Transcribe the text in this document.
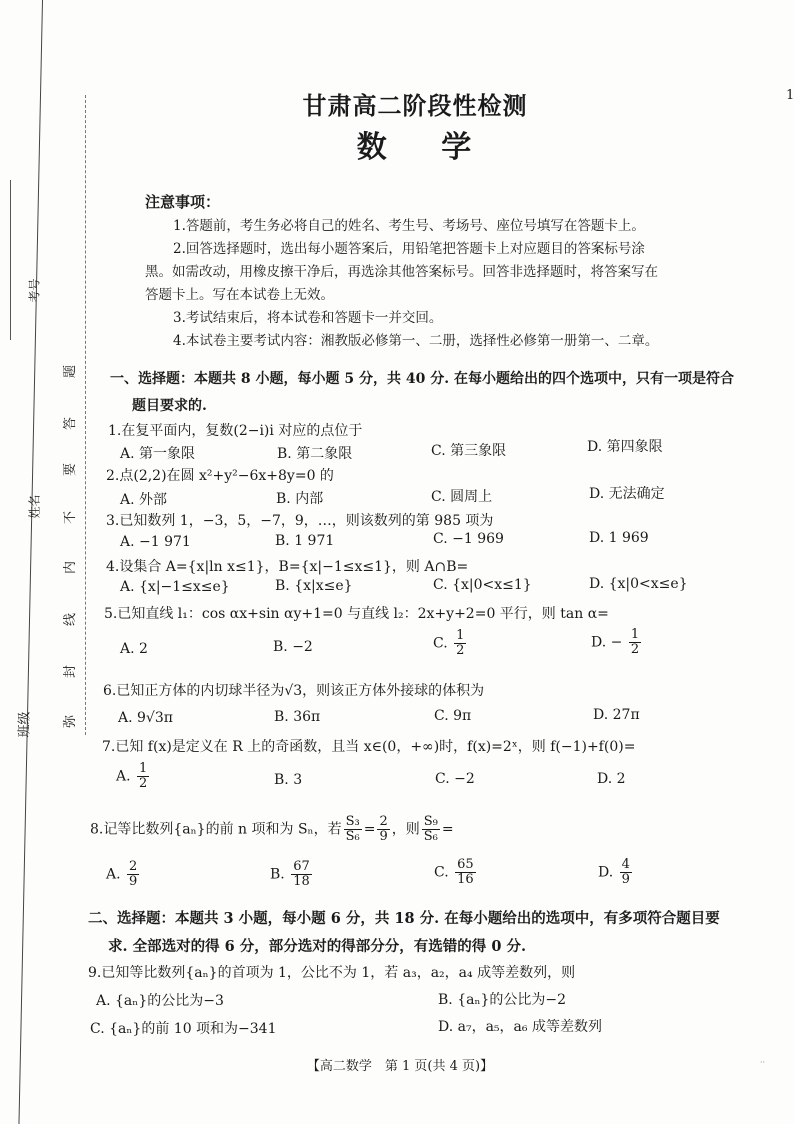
考号
姓名
班级
题
答
要
不
内
线
封
弥
1
甘肃高二阶段性检测
数 学
注意事项：
1.答题前，考生务必将自己的姓名、考生号、考场号、座位号填写在答题卡上。
2.回答选择题时，选出每小题答案后，用铅笔把答题卡上对应题目的答案标号涂
黑。如需改动，用橡皮擦干净后，再选涂其他答案标号。回答非选择题时，将答案写在
答题卡上。写在本试卷上无效。
3.考试结束后，将本试卷和答题卡一并交回。
4.本试卷主要考试内容：湘教版必修第一、二册，选择性必修第一册第一、二章。
一、选择题：本题共 8 小题，每小题 5 分，共 40 分. 在每小题给出的四个选项中，只有一项是符合
题目要求的.
1.在复平面内，复数(2−i)i 对应的点位于
A. 第一象限	B. 第二象限	C. 第三象限	D. 第四象限
2.点(2,2)在圆 x²+y²−6x+8y=0 的
A. 外部	B. 内部	C. 圆周上	D. 无法确定
3.已知数列 1，−3，5，−7，9，…，则该数列的第 985 项为
A. −1 971	B. 1 971	C. −1 969	D. 1 969
4.设集合 A={x|ln x≤1}，B={x|−1≤x≤1}，则 A∩B=
A. {x|−1≤x≤e}	B. {x|x≤e}	C. {x|0<x≤1}	D. {x|0<x≤e}
5.已知直线 l₁：cos αx+sin αy+1=0 与直线 l₂：2x+y+2=0 平行，则 tan α=
A. 2	B. −2	C. $\frac{1}{2}$	D. − $\frac{1}{2}$
6.已知正方体的内切球半径为√3，则该正方体外接球的体积为
A. 9√3π	B. 36π	C. 9π	D. 27π
7.已知 f(x)是定义在 R 上的奇函数，且当 x∈(0，+∞)时，f(x)=2ˣ，则 f(−1)+f(0)=
A. $\frac{1}{2}$	B. 3	C. −2	D. 2
8.记等比数列{aₙ}的前 n 项和为 Sₙ，若 $\frac{\text{S₃}}{\text{S₆}} = \frac{2}{9}$ ，则 $\frac{\text{S₉}}{\text{S₆}}$ =
A. $\frac{2}{9}$	B. $\frac{67}{18}$	C. $\frac{65}{16}$	D. $\frac{4}{9}$
二、选择题：本题共 3 小题，每小题 6 分，共 18 分. 在每小题给出的选项中，有多项符合题目要
求. 全部选对的得 6 分，部分选对的得部分分，有选错的得 0 分.
9.已知等比数列{aₙ}的首项为 1，公比不为 1，若 a₃，a₂，a₄ 成等差数列，则
A. {aₙ}的公比为−3	B. {aₙ}的公比为−2
C. {aₙ}的前 10 项和为−341	D. a₇，a₅，a₆ 成等差数列
【高二数学　第 1 页(共 4 页)】	··
